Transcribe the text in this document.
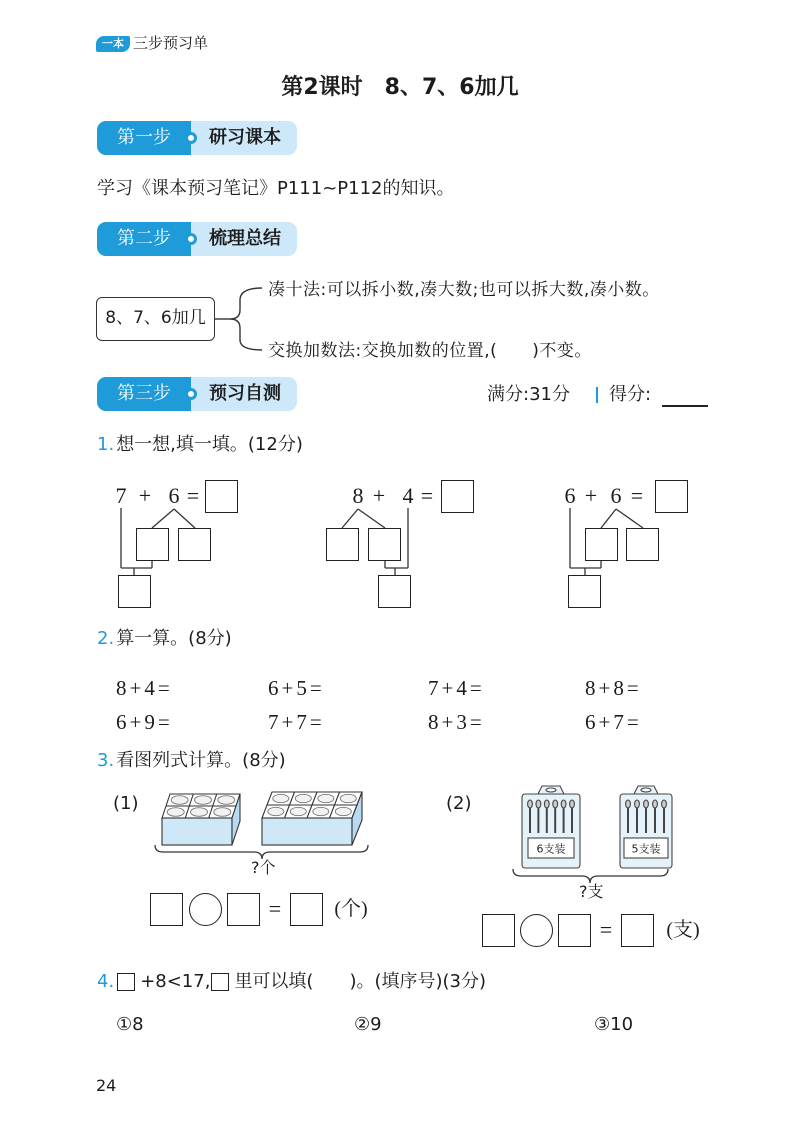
一本 三步预习单
第2课时　8、7、6加几
第一步	研习课本
学习《课本预习笔记》P111~P112的知识。
第二步	梳理总结
8、7、6加几
凑十法:可以拆小数,凑大数;也可以拆大数,凑小数。
交换加数法:交换加数的位置,(　　)不变。
第三步	预习自测	满分:31分 得分:
1. 想一想,填一填。(12分)
7 + 6 =	8 + 4 =	6 + 6 =
2. 算一算。(8分)
8+4=	6+5=	7+4=	8+8=
6+9=	7+7=	8+3=	6+7=
3. 看图列式计算。(8分)
(1)
?个
=	(个)
(2)
?支
=	(支)
4. +8<17, 里可以填(　　)。(填序号)(3分)
①8	②9	③10
24
6支装	5支装
